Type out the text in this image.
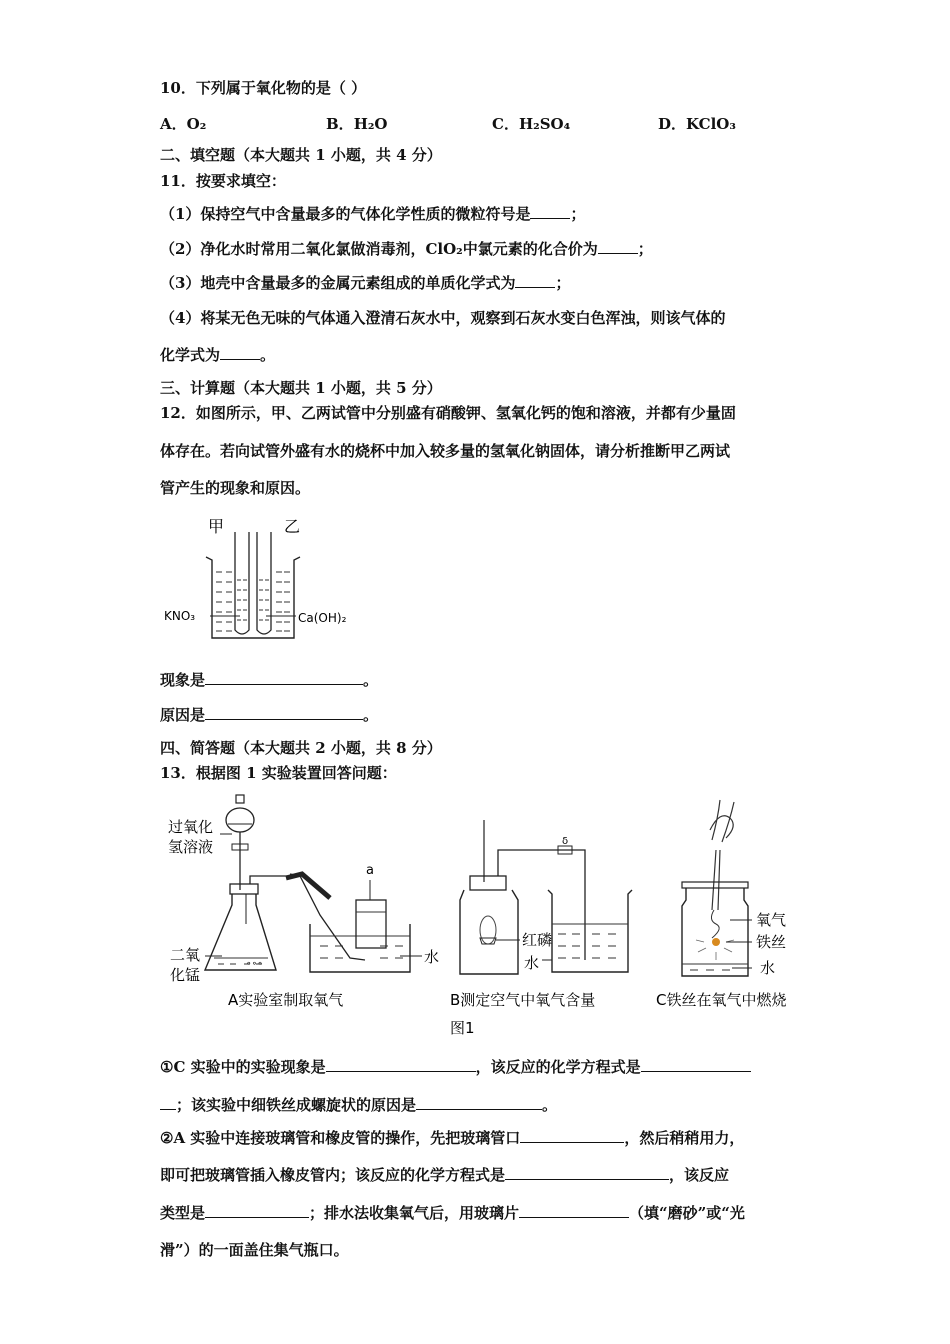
10．下列属于氧化物的是（ ）
A．O₂	B．H₂O	C．H₂SO₄	D．KClO₃
二、填空题（本大题共 1 小题，共 4 分）
11．按要求填空：
（1）保持空气中含量最多的气体化学性质的微粒符号是	；
（2）净化水时常用二氧化氯做消毒剂，ClO₂中氯元素的化合价为	；
（3）地壳中含量最多的金属元素组成的单质化学式为	；
（4）将某无色无味的气体通入澄清石灰水中，观察到石灰水变白色浑浊，则该气体的
化学式为	。
三、计算题（本大题共 1 小题，共 5 分）
12．如图所示，甲、乙两试管中分别盛有硝酸钾、氢氧化钙的饱和溶液，并都有少量固
体存在。若向试管外盛有水的烧杯中加入较多量的氢氧化钠固体，请分析推断甲乙两试
管产生的现象和原因。
甲	乙
KNO₃	Ca(OH)₂
现象是	。
原因是	。
四、简答题（本大题共 2 小题，共 8 分）
13．根据图 1 实验装置回答问题：
∘∘∘
过氧化
氢溶液
二氧
化锰
a
水
A实验室制取氧气
δ
红磷
水
B测定空气中氧气含量
氧气
铁丝
水
C铁丝在氧气中燃烧
图1
①C 实验中的实验现象是	，该反应的化学方程式是
；该实验中细铁丝成螺旋状的原因是	。
②A 实验中连接玻璃管和橡皮管的操作，先把玻璃管口	，然后稍稍用力，
即可把玻璃管插入橡皮管内；该反应的化学方程式是	，该反应
类型是	；排水法收集氧气后，用玻璃片	（填“磨砂”或“光
滑”）的一面盖住集气瓶口。
